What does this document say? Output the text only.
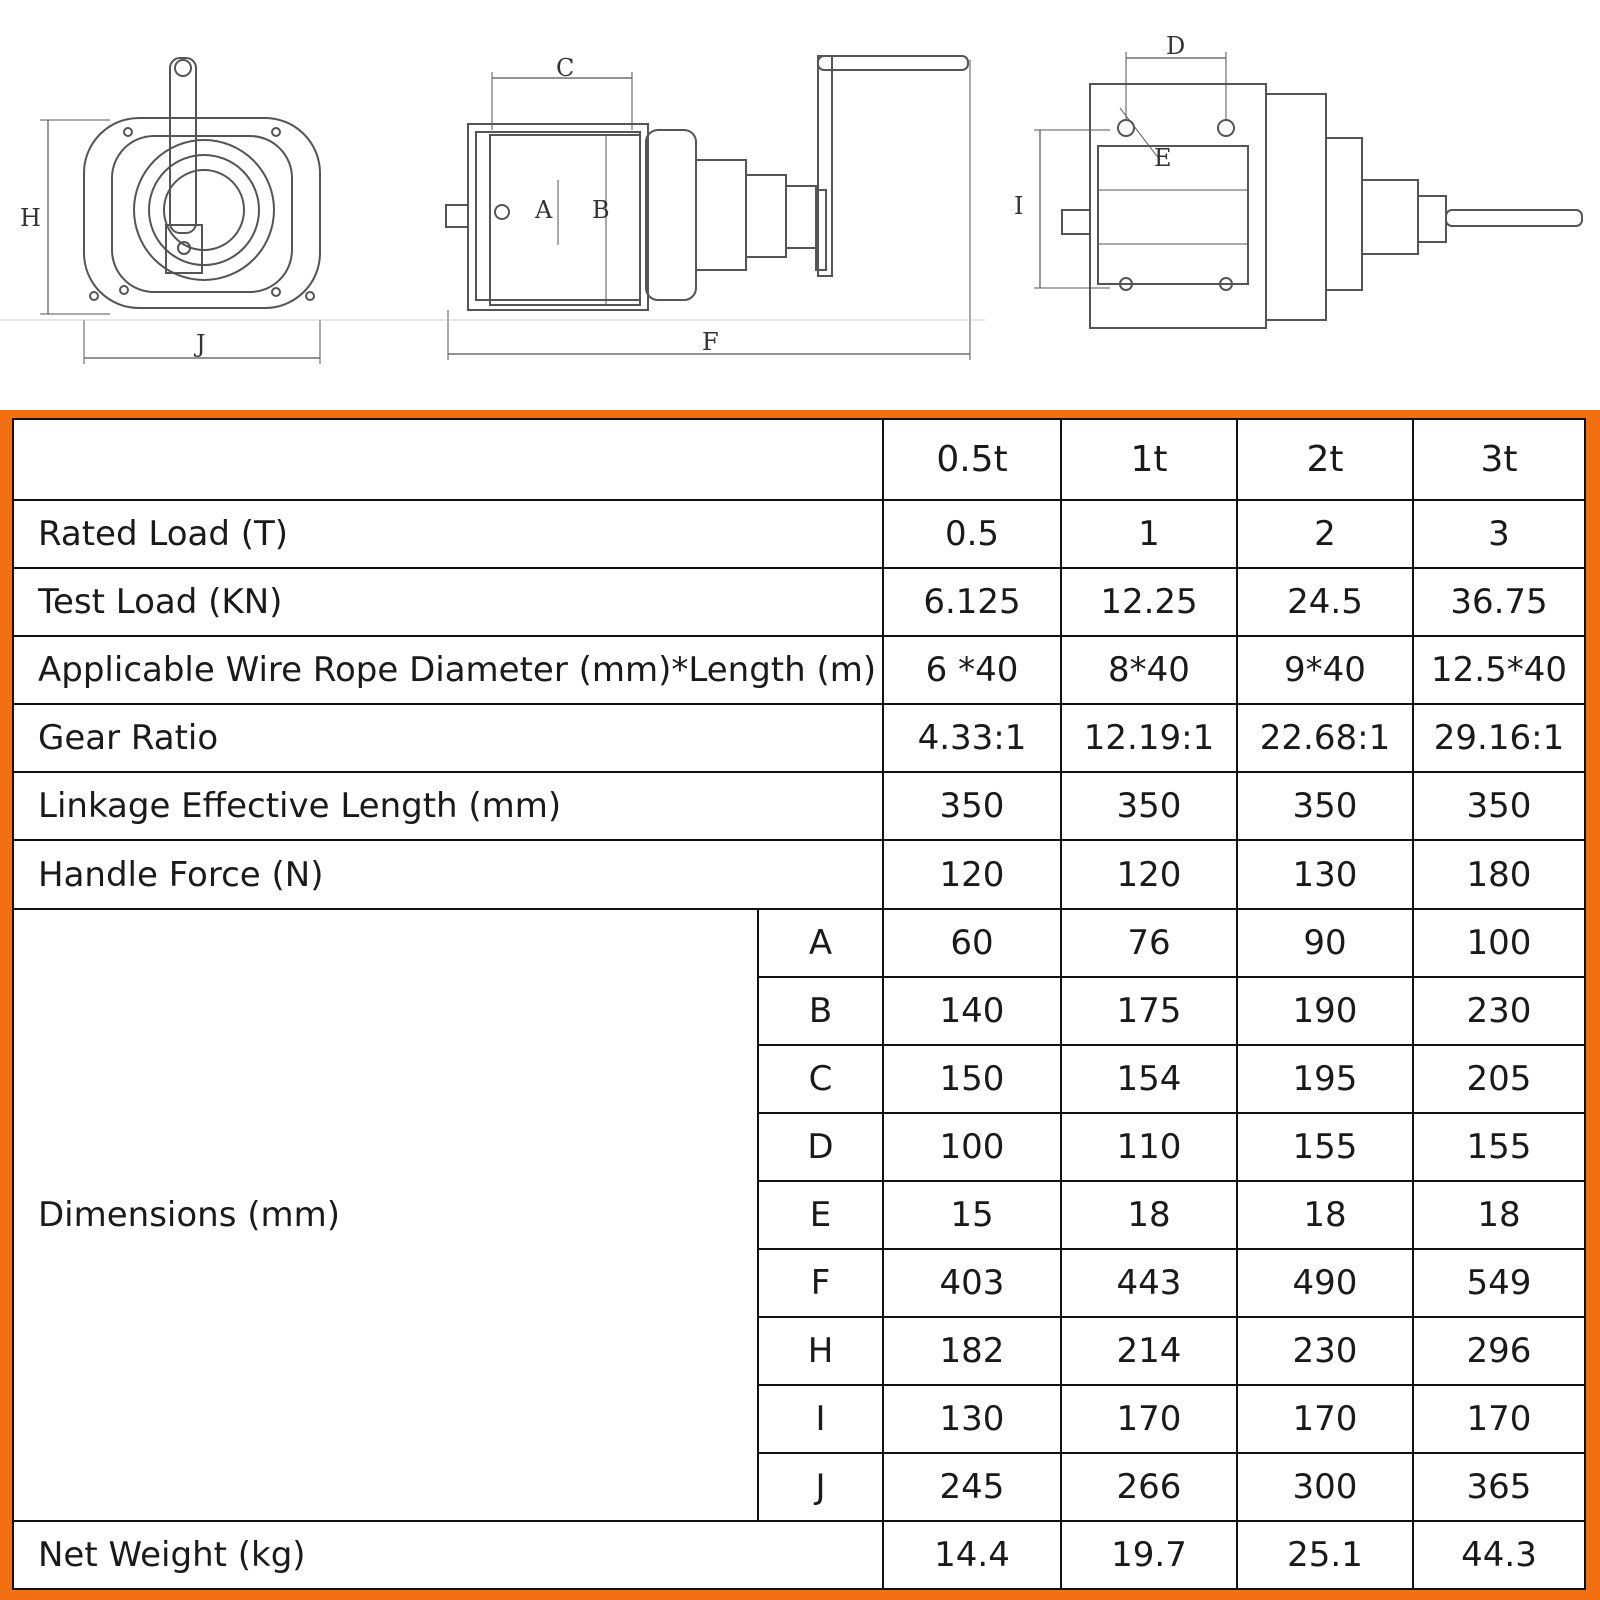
H
J
C
A B
F
D
E
I
		0.5t	1t	2t	3t
Rated Load (T)		0.5	1	2	3
Test Load (KN)		6.125	12.25	24.5	36.75
Applicable Wire Rope Diameter (mm)*Length (m)		6 *40	8*40	9*40	12.5*40
Gear Ratio		4.33:1	12.19:1	22.68:1	29.16:1
Linkage Effective Length (mm)		350	350	350	350
Handle Force (N)		120	120	130	180
Dimensions (mm)	A	60	76	90	100
	B	140	175	190	230
	C	150	154	195	205
	D	100	110	155	155
	E	15	18	18	18
	F	403	443	490	549
	H	182	214	230	296
	I	130	170	170	170
	J	245	266	300	365
Net Weight (kg)		14.4	19.7	25.1	44.3
